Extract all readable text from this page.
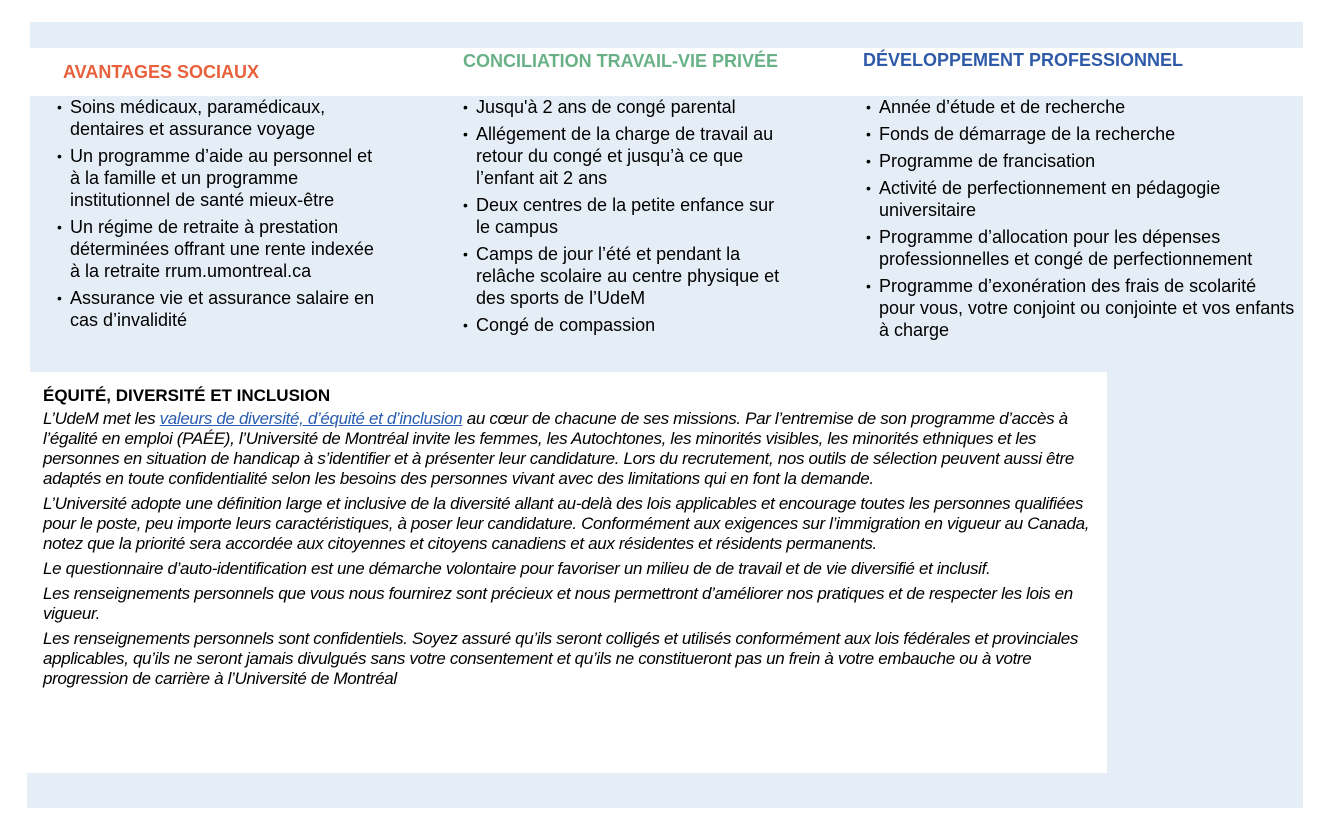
AVANTAGES SOCIAUX
CONCILIATION TRAVAIL-VIE PRIVÉE	DÉVELOPPEMENT PROFESSIONNEL
• Soins médicaux, paramédicaux, dentaires et assurance voyage
• Un programme d’aide au personnel et à la famille et un programme institutionnel de santé mieux-être
• Un régime de retraite à prestation déterminées offrant une rente indexée à la retraite rrum.umontreal.ca
• Assurance vie et assurance salaire en cas d’invalidité
• Jusqu'à 2 ans de congé parental
• Allégement de la charge de travail au retour du congé et jusqu’à ce que l’enfant ait 2 ans
• Deux centres de la petite enfance sur le campus
• Camps de jour l’été et pendant la relâche scolaire au centre physique et des sports de l’UdeM
• Congé de compassion
• Année d’étude et de recherche
• Fonds de démarrage de la recherche
• Programme de francisation
• Activité de perfectionnement en pédagogie universitaire
• Programme d’allocation pour les dépenses professionnelles et congé de perfectionnement
• Programme d’exonération des frais de scolarité pour vous, votre conjoint ou conjointe et vos enfants à charge
ÉQUITÉ, DIVERSITÉ ET INCLUSION

L’UdeM met les valeurs de diversité, d’équité et d’inclusion au cœur de chacune de ses missions. Par l’entremise de son programme d’accès à l’égalité en emploi (PAÉE), l’Université de Montréal invite les femmes, les Autochtones, les minorités visibles, les minorités ethniques et les personnes en situation de handicap à s’identifier et à présenter leur candidature. Lors du recrutement, nos outils de sélection peuvent aussi être adaptés en toute confidentialité selon les besoins des personnes vivant avec des limitations qui en font la demande.

L’Université adopte une définition large et inclusive de la diversité allant au-delà des lois applicables et encourage toutes les personnes qualifiées pour le poste, peu importe leurs caractéristiques, à poser leur candidature. Conformément aux exigences sur l’immigration en vigueur au Canada, notez que la priorité sera accordée aux citoyennes et citoyens canadiens et aux résidentes et résidents permanents.

Le questionnaire d’auto-identification est une démarche volontaire pour favoriser un milieu de de travail et de vie diversifié et inclusif.

Les renseignements personnels que vous nous fournirez sont précieux et nous permettront d’améliorer nos pratiques et de respecter les lois en vigueur.

Les renseignements personnels sont confidentiels. Soyez assuré qu’ils seront colligés et utilisés conformément aux lois fédérales et provinciales applicables, qu’ils ne seront jamais divulgués sans votre consentement et qu’ils ne constitueront pas un frein à votre embauche ou à votre progression de carrière à l’Université de Montréal
